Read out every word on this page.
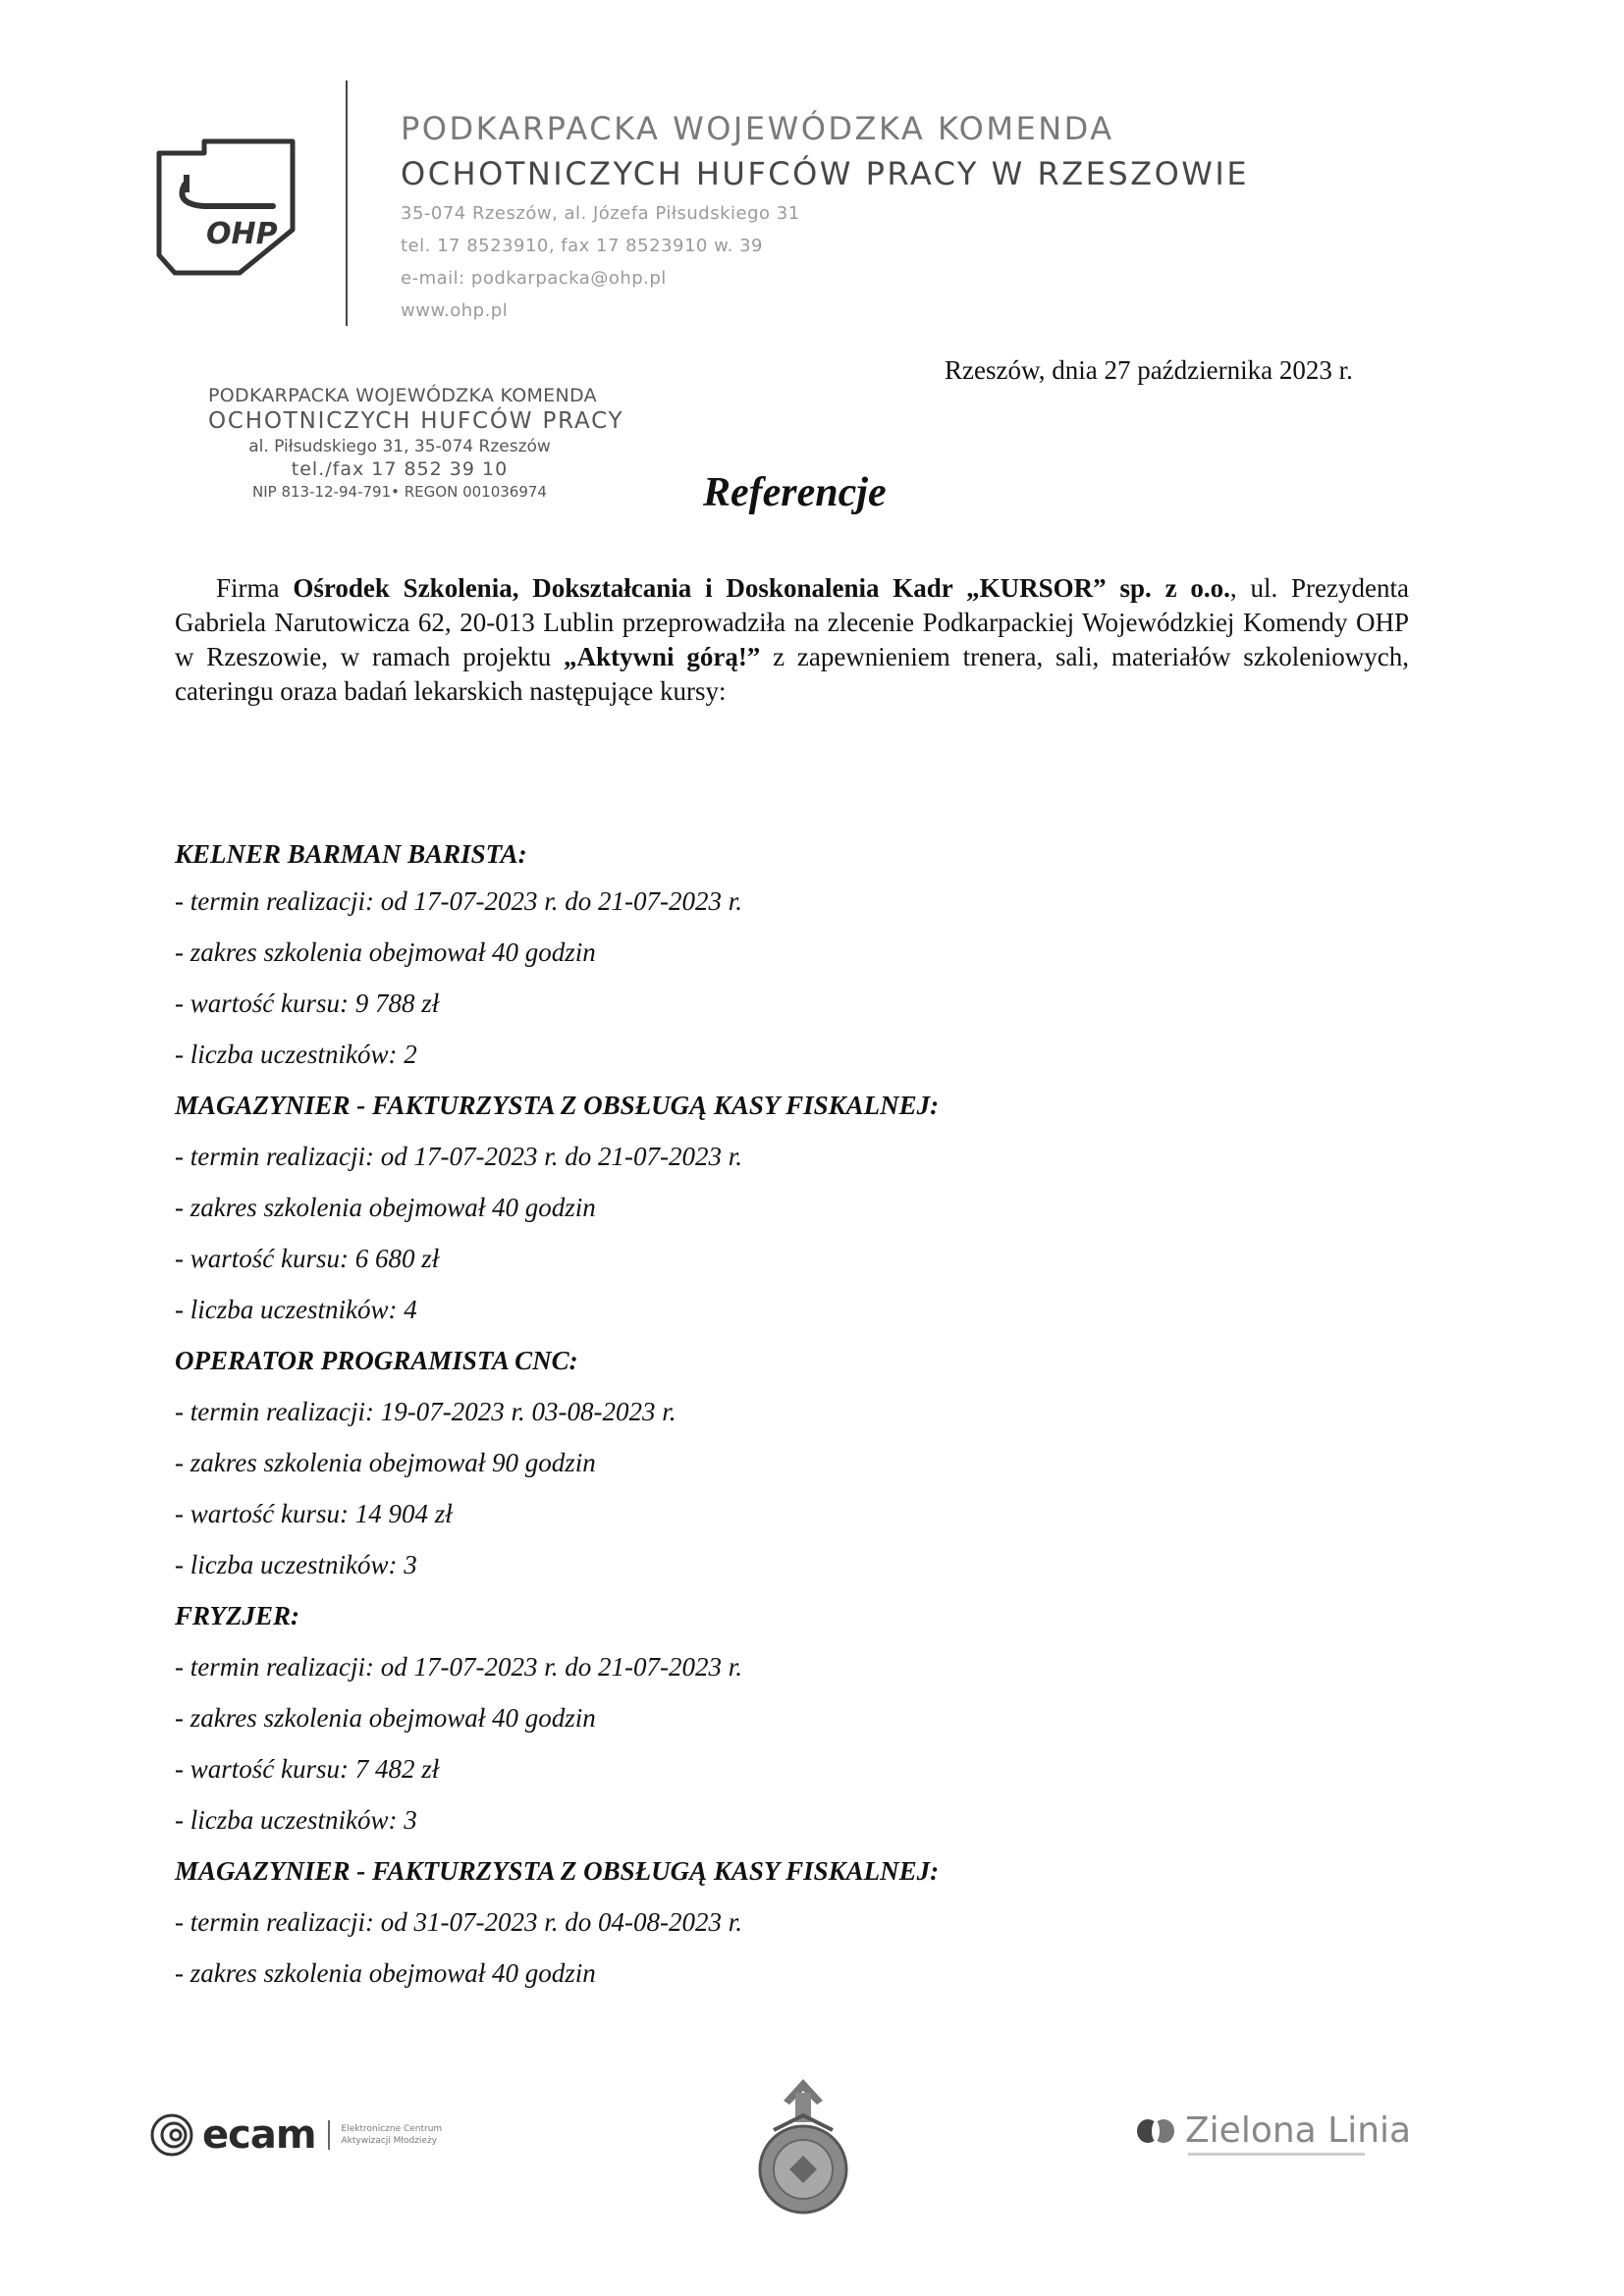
OHP
PODKARPACKA WOJEWÓDZKA KOMENDA
OCHOTNICZYCH HUFCÓW PRACY W RZESZOWIE
35-074 Rzeszów, al. Józefa Piłsudskiego 31
tel. 17 8523910, fax 17 8523910 w. 39
e-mail: podkarpacka@ohp.pl
www.ohp.pl
Rzeszów, dnia 27 października 2023 r.
PODKARPACKA WOJEWÓDZKA KOMENDA
OCHOTNICZYCH HUFCÓW PRACY
al. Piłsudskiego 31, 35-074 Rzeszów
tel./fax 17 852 39 10
NIP 813-12-94-791• REGON 001036974	Referencje
Firma Ośrodek Szkolenia, Dokształcania i Doskonalenia Kadr „KURSOR” sp. z o.o., ul. Prezydenta Gabriela Narutowicza 62, 20-013 Lublin przeprowadziła na zlecenie Podkarpackiej Wojewódzkiej Komendy OHP w Rzeszowie, w ramach projektu „Aktywni górą!” z zapewnieniem trenera, sali, materiałów szkoleniowych, cateringu oraza badań lekarskich następujące kursy:
KELNER BARMAN BARISTA:
- termin realizacji: od 17-07-2023 r. do 21-07-2023 r.
- zakres szkolenia obejmował 40 godzin
- wartość kursu: 9 788 zł
- liczba uczestników: 2
MAGAZYNIER - FAKTURZYSTA Z OBSŁUGĄ KASY FISKALNEJ:
- termin realizacji: od 17-07-2023 r. do 21-07-2023 r.
- zakres szkolenia obejmował 40 godzin
- wartość kursu: 6 680 zł
- liczba uczestników: 4
OPERATOR PROGRAMISTA CNC:
- termin realizacji: 19-07-2023 r. 03-08-2023 r.
- zakres szkolenia obejmował 90 godzin
- wartość kursu: 14 904 zł
- liczba uczestników: 3
FRYZJER:
- termin realizacji: od 17-07-2023 r. do 21-07-2023 r.
- zakres szkolenia obejmował 40 godzin
- wartość kursu: 7 482 zł
- liczba uczestników: 3
MAGAZYNIER - FAKTURZYSTA Z OBSŁUGĄ KASY FISKALNEJ:
- termin realizacji: od 31-07-2023 r. do 04-08-2023 r.
- zakres szkolenia obejmował 40 godzin
ecam	Elektroniczne Centrum
Aktywizacji Młodzieży	Zielona Linia
